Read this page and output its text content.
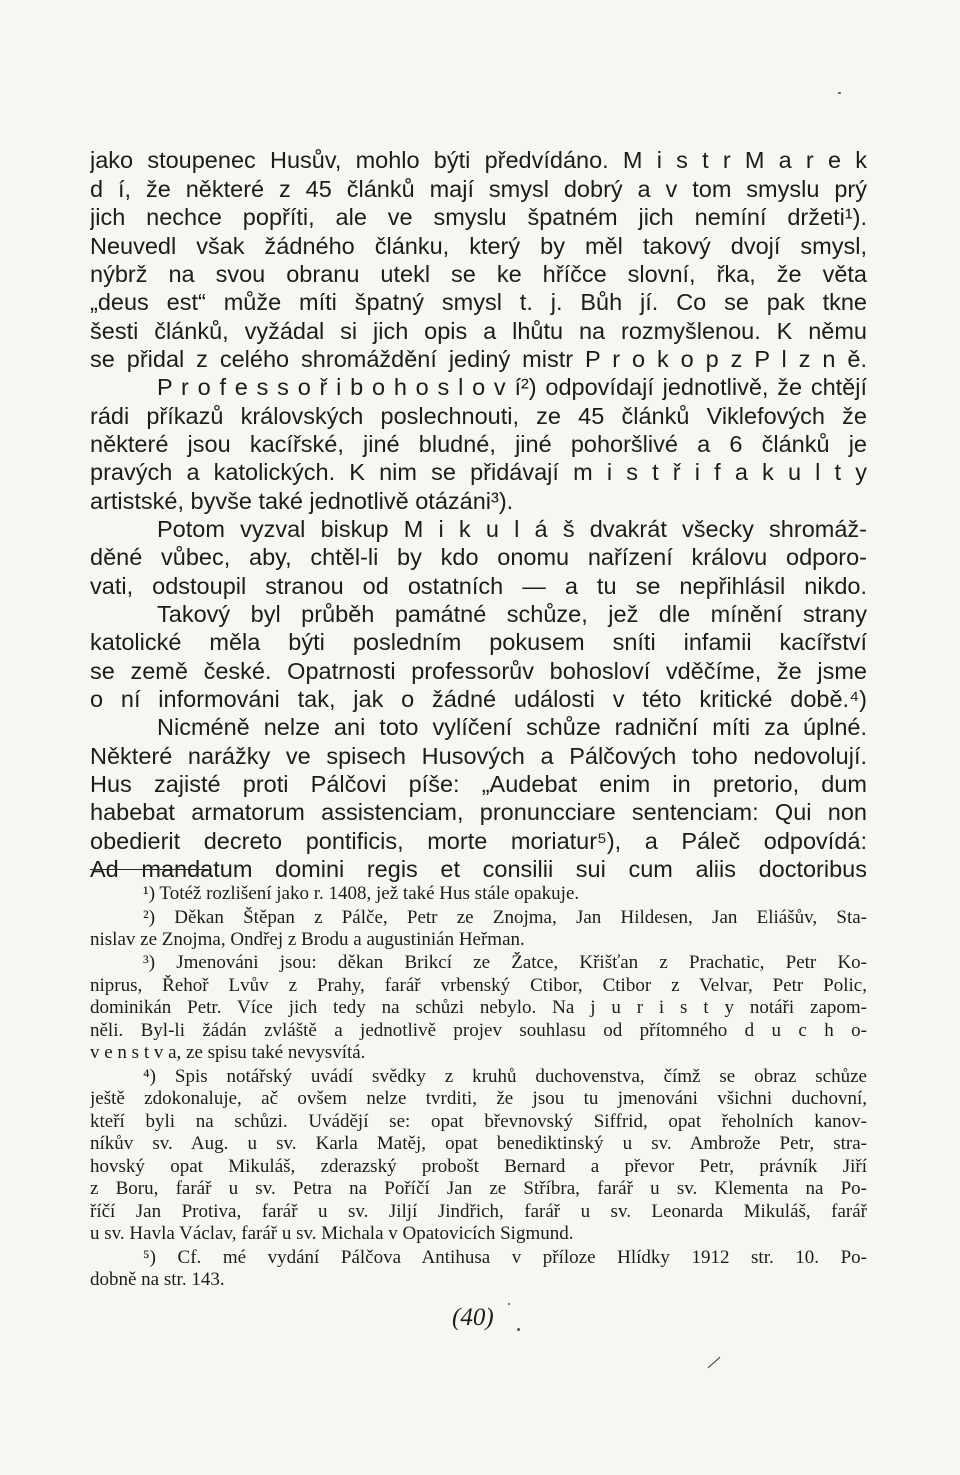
jako stoupenec Husův, mohlo býti předvídáno. M i s t r M a r e k
d í, že některé z 45 článků mají smysl dobrý a v tom smyslu prý
jich nechce popříti, ale ve smyslu špatném jich nemíní držeti¹).
Neuvedl však žádného článku, který by měl takový dvojí smysl,
nýbrž na svou obranu utekl se ke hříčce slovní, řka, že věta
„deus est“ může míti špatný smysl t. j. Bůh jí. Co se pak tkne
šesti článků, vyžádal si jich opis a lhůtu na rozmyšlenou. K němu
se přidal z celého shromáždění jediný mistr P r o k o p z P l z n ě.
P r o f e s s o ř i b o h o s l o v í²) odpovídají jednotlivě, že chtějí
rádi příkazů královských poslechnouti, ze 45 článků Viklefových že
některé jsou kacířské, jiné bludné, jiné pohoršlivé a 6 článků je
pravých a katolických. K nim se přidávají m i s t ř i f a k u l t y
artistské, byvše také jednotlivě otázáni³).
Potom vyzval biskup M i k u l á š dvakrát všecky shromáž-
děné vůbec, aby, chtěl-li by kdo onomu nařízení královu odporo-
vati, odstoupil stranou od ostatních — a tu se nepřihlásil nikdo.
Takový byl průběh památné schůze, jež dle mínění strany
katolické měla býti posledním pokusem sníti infamii kacířství
se země české. Opatrnosti professorův bohosloví vděčíme, že jsme
o ní informováni tak, jak o žádné události v této kritické době.⁴)
Nicméně nelze ani toto vylíčení schůze radniční míti za úplné.
Některé narážky ve spisech Husových a Pálčových toho nedovolují.
Hus zajisté proti Pálčovi píše: „Audebat enim in pretorio, dum
habebat armatorum assistenciam, pronuncciare sentenciam: Qui non
obedierit decreto pontificis, morte moriatur⁵), a Páleč odpovídá:
Ad mandatum domini regis et consilii sui cum aliis doctoribus
¹) Totéž rozlišení jako r. 1408, jež také Hus stále opakuje.
²) Děkan Štěpan z Pálče, Petr ze Znojma, Jan Hildesen, Jan Eliášův, Sta-
nislav ze Znojma, Ondřej z Brodu a augustinián Heřman.
³) Jmenováni jsou: děkan Brikcí ze Žatce, Křišťan z Prachatic, Petr Ko-
niprus, Řehoř Lvův z Prahy, farář vrbenský Ctibor, Ctibor z Velvar, Petr Polic,
dominikán Petr. Více jich tedy na schůzi nebylo. Na j u r i s t y notáři zapom-
něli. Byl-li žádán zvláště a jednotlivě projev souhlasu od přítomného d u c h o-
v e n s t v a, ze spisu také nevysvítá.
⁴) Spis notářský uvádí svědky z kruhů duchovenstva, čímž se obraz schůze
ještě zdokonaluje, ač ovšem nelze tvrditi, že jsou tu jmenováni všichni duchovní,
kteří byli na schůzi. Uvádějí se: opat břevnovský Siffrid, opat řeholních kanov-
níkův sv. Aug. u sv. Karla Matěj, opat benediktinský u sv. Ambrože Petr, stra-
hovský opat Mikuláš, zderazský probošt Bernard a převor Petr, právník Jiří
z Boru, farář u sv. Petra na Poříčí Jan ze Stříbra, farář u sv. Klementa na Po-
říčí Jan Protiva, farář u sv. Jiljí Jindřich, farář u sv. Leonarda Mikuláš, farář
u sv. Havla Václav, farář u sv. Michala v Opatovicích Sigmund.
⁵) Cf. mé vydání Pálčova Antihusa v příloze Hlídky 1912 str. 10. Po-
dobně na str. 143.
(40)
